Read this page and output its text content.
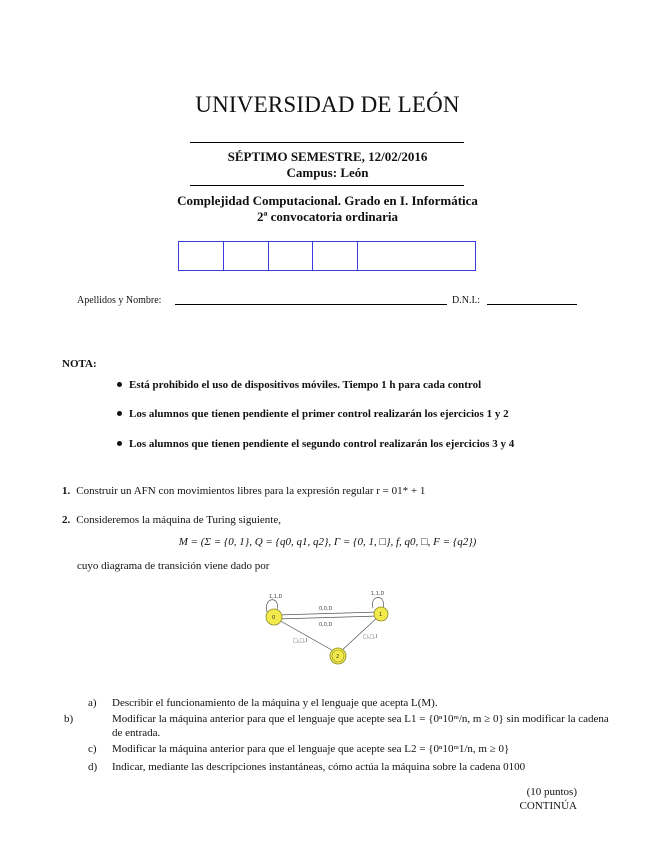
UNIVERSIDAD DE LEÓN
SÉPTIMO SEMESTRE, 12/02/2016
Campus: León
Complejidad Computacional. Grado en I. Informática
2ª convocatoria ordinaria
Apellidos y Nombre:	D.N.I.:
NOTA:
Está prohibido el uso de dispositivos móviles. Tiempo 1 h para cada control
Los alumnos que tienen pendiente el primer control realizarán los ejercicios 1 y 2
Los alumnos que tienen pendiente el segundo control realizarán los ejercicios 3 y 4
1. Construir un AFN con movimientos libres para la expresión regular r = 01* + 1
2. Consideremos la máquina de Turing siguiente,
M = (Σ = {0, 1}, Q = {q0, q1, q2}, Γ = {0, 1, □}, f, q0, □, F = {q2})
cuyo diagrama de transición viene dado por
1,1,D	1,1,D
0,0,D
0,0,D
□,□,I
□,□,I
0	1
2
a) Describir el funcionamiento de la máquina y el lenguaje que acepta L(M).
b)	Modificar la máquina anterior para que el lenguaje que acepte sea L1 = {0ⁿ10ᵐ/n, m ≥ 0} sin modificar la cadena de entrada.
c) Modificar la máquina anterior para que el lenguaje que acepte sea L2 = {0ⁿ10ᵐ1/n, m ≥ 0}
d) Indicar, mediante las descripciones instantáneas, cómo actúa la máquina sobre la cadena 0100
(10 puntos)
CONTINÚA
